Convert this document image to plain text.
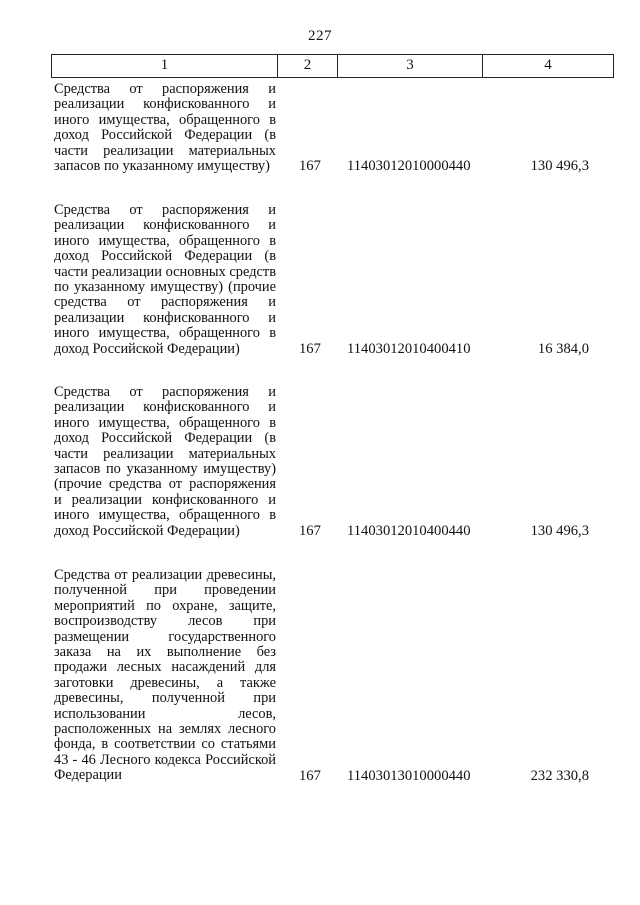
227
1	2	3	4
Средства от распоряжения и реализации конфискованного и иного имущества, обращенного в доход Российской Федерации (в части реализации материальных запасов по указанному имуществу)	167 11403012010000440	130 496,3
Средства от распоряжения и реализации конфискованного и иного имущества, обращенного в доход Российской Федерации (в части реализации основных средств по указанному имуществу) (прочие средства от распоряжения и реализации конфискованного и иного имущества, обращенного в доход Российской Федерации)	167 11403012010400410	16 384,0
Средства от распоряжения и реализации конфискованного и иного имущества, обращенного в доход Российской Федерации (в части реализации материальных запасов по указанному имуществу) (прочие средства от распоряжения и реализации конфискованного и иного имущества, обращенного в доход Российской Федерации)	167 11403012010400440	130 496,3
Средства от реализации древесины, полученной при проведении мероприятий по охране, защите, воспроизводству лесов при размещении государственного заказа на их выполнение без продажи лесных насаждений для заготовки древесины, а также древесины, полученной при использовании лесов, расположенных на землях лесного фонда, в соответствии со статьями 43 - 46 Лесного кодекса Российской Федерации	167 11403013010000440	232 330,8
